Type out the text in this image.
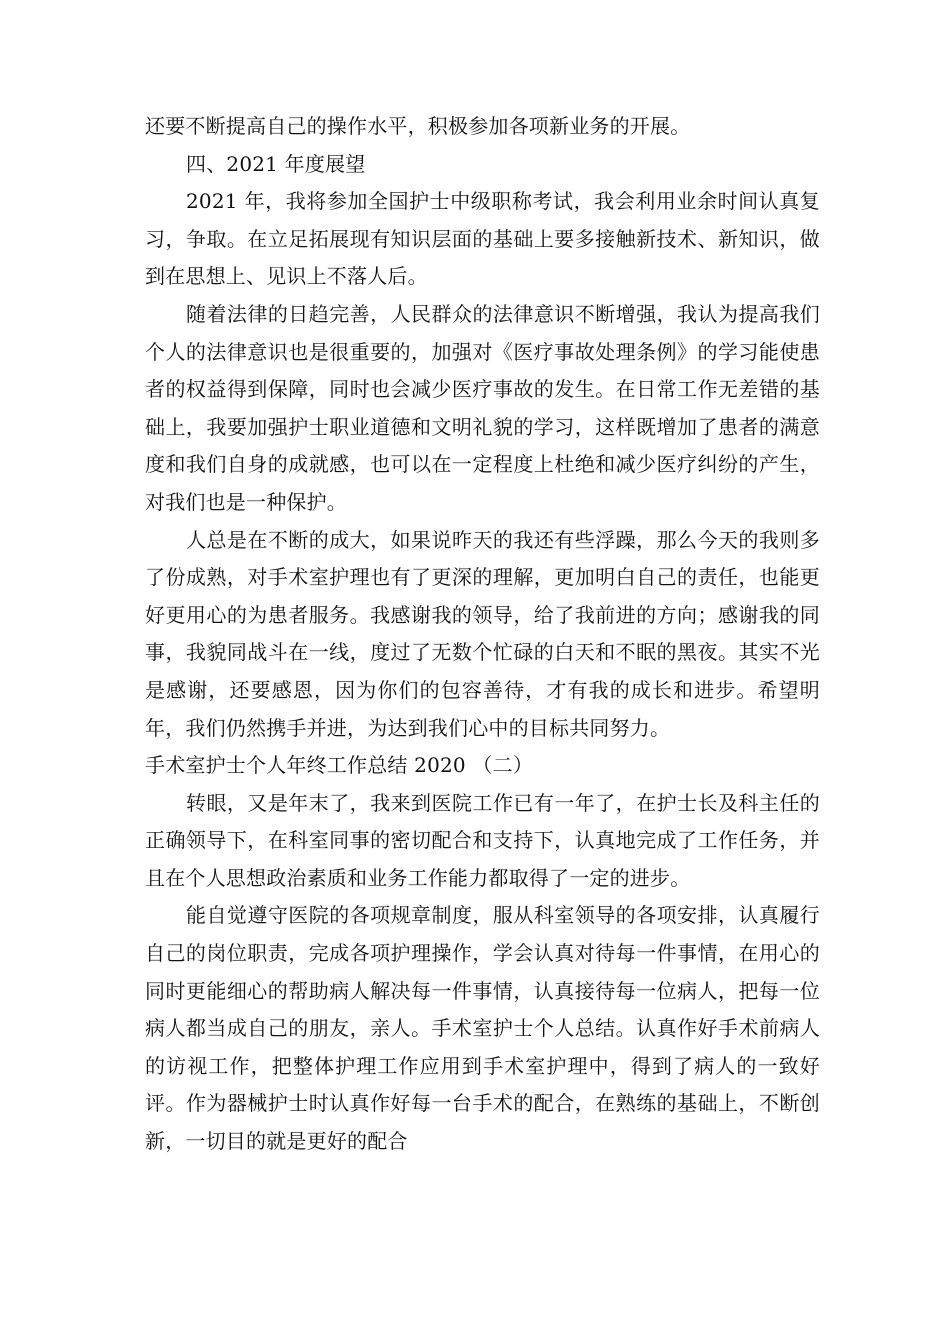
还要不断提高自己的操作水平，积极参加各项新业务的开展。

四、2021 年度展望

2021 年，我将参加全国护士中级职称考试，我会利用业余时间认真复习，争取。在立足拓展现有知识层面的基础上要多接触新技术、新知识，做到在思想上、见识上不落人后。

随着法律的日趋完善，人民群众的法律意识不断增强，我认为提高我们个人的法律意识也是很重要的，加强对《医疗事故处理条例》的学习能使患者的权益得到保障，同时也会减少医疗事故的发生。在日常工作无差错的基础上，我要加强护士职业道德和文明礼貌的学习，这样既增加了患者的满意度和我们自身的成就感，也可以在一定程度上杜绝和减少医疗纠纷的产生，对我们也是一种保护。

人总是在不断的成大，如果说昨天的我还有些浮躁，那么今天的我则多了份成熟，对手术室护理也有了更深的理解，更加明白自己的责任，也能更好更用心的为患者服务。我感谢我的领导，给了我前进的方向；感谢我的同事，我貌同战斗在一线，度过了无数个忙碌的白天和不眠的黑夜。其实不光是感谢，还要感恩，因为你们的包容善待，才有我的成长和进步。希望明年，我们仍然携手并进，为达到我们心中的目标共同努力。

手术室护士个人年终工作总结 2020 （二）

转眼，又是年末了，我来到医院工作已有一年了，在护士长及科主任的正确领导下，在科室同事的密切配合和支持下，认真地完成了工作任务，并且在个人思想政治素质和业务工作能力都取得了一定的进步。

能自觉遵守医院的各项规章制度，服从科室领导的各项安排，认真履行自己的岗位职责，完成各项护理操作，学会认真对待每一件事情，在用心的同时更能细心的帮助病人解决每一件事情，认真接待每一位病人，把每一位病人都当成自己的朋友，亲人。手术室护士个人总结。认真作好手术前病人的访视工作，把整体护理工作应用到手术室护理中，得到了病人的一致好评。作为器械护士时认真作好每一台手术的配合，在熟练的基础上，不断创新，一切目的就是更好的配合
